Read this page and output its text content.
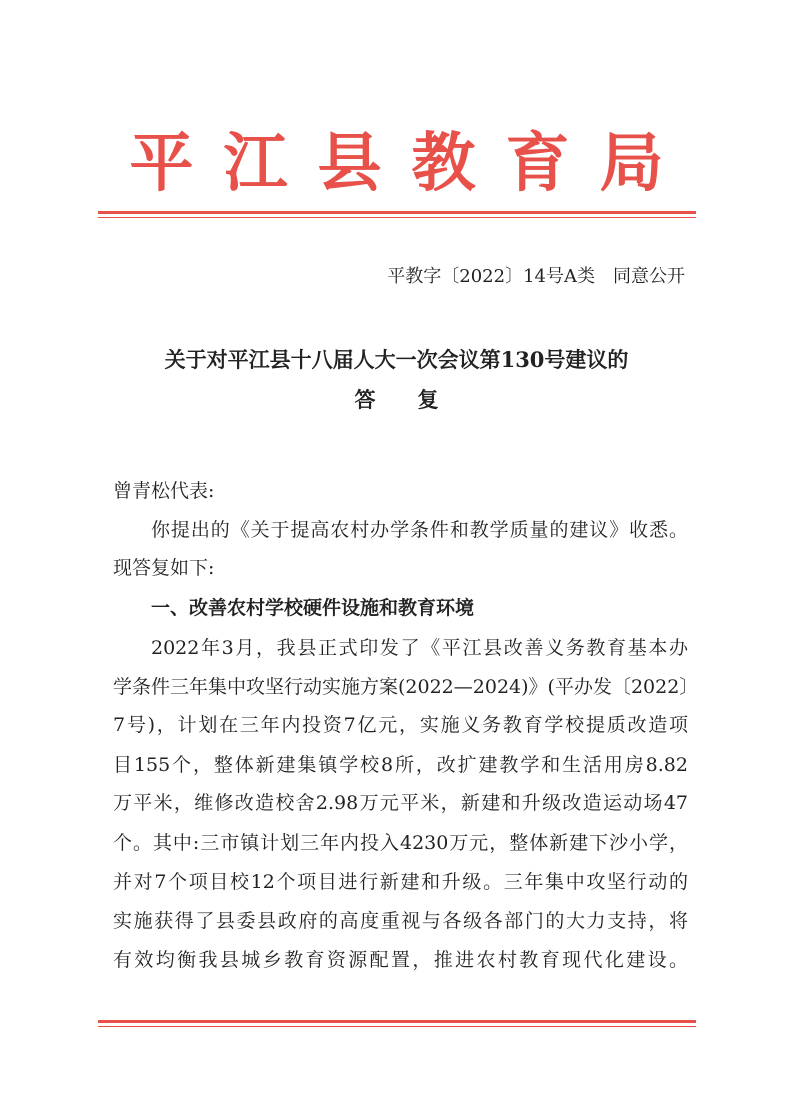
平江县教育局
平教字〔2022〕14号A类　同意公开
关于对平江县十八届人大一次会议第130号建议的
答　　复
曾青松代表:
你提出的《关于提高农村办学条件和教学质量的建议》收悉。
现答复如下:
一、改善农村学校硬件设施和教育环境
2022年3月，我县正式印发了《平江县改善义务教育基本办
学条件三年集中攻坚行动实施方案(2022—2024)》(平办发〔2022〕
7号)，计划在三年内投资7亿元，实施义务教育学校提质改造项
目155个，整体新建集镇学校8所，改扩建教学和生活用房8.82
万平米，维修改造校舍2.98万元平米，新建和升级改造运动场47
个。其中:三市镇计划三年内投入4230万元，整体新建下沙小学，
并对7个项目校12个项目进行新建和升级。三年集中攻坚行动的
实施获得了县委县政府的高度重视与各级各部门的大力支持，将
有效均衡我县城乡教育资源配置，推进农村教育现代化建设。
